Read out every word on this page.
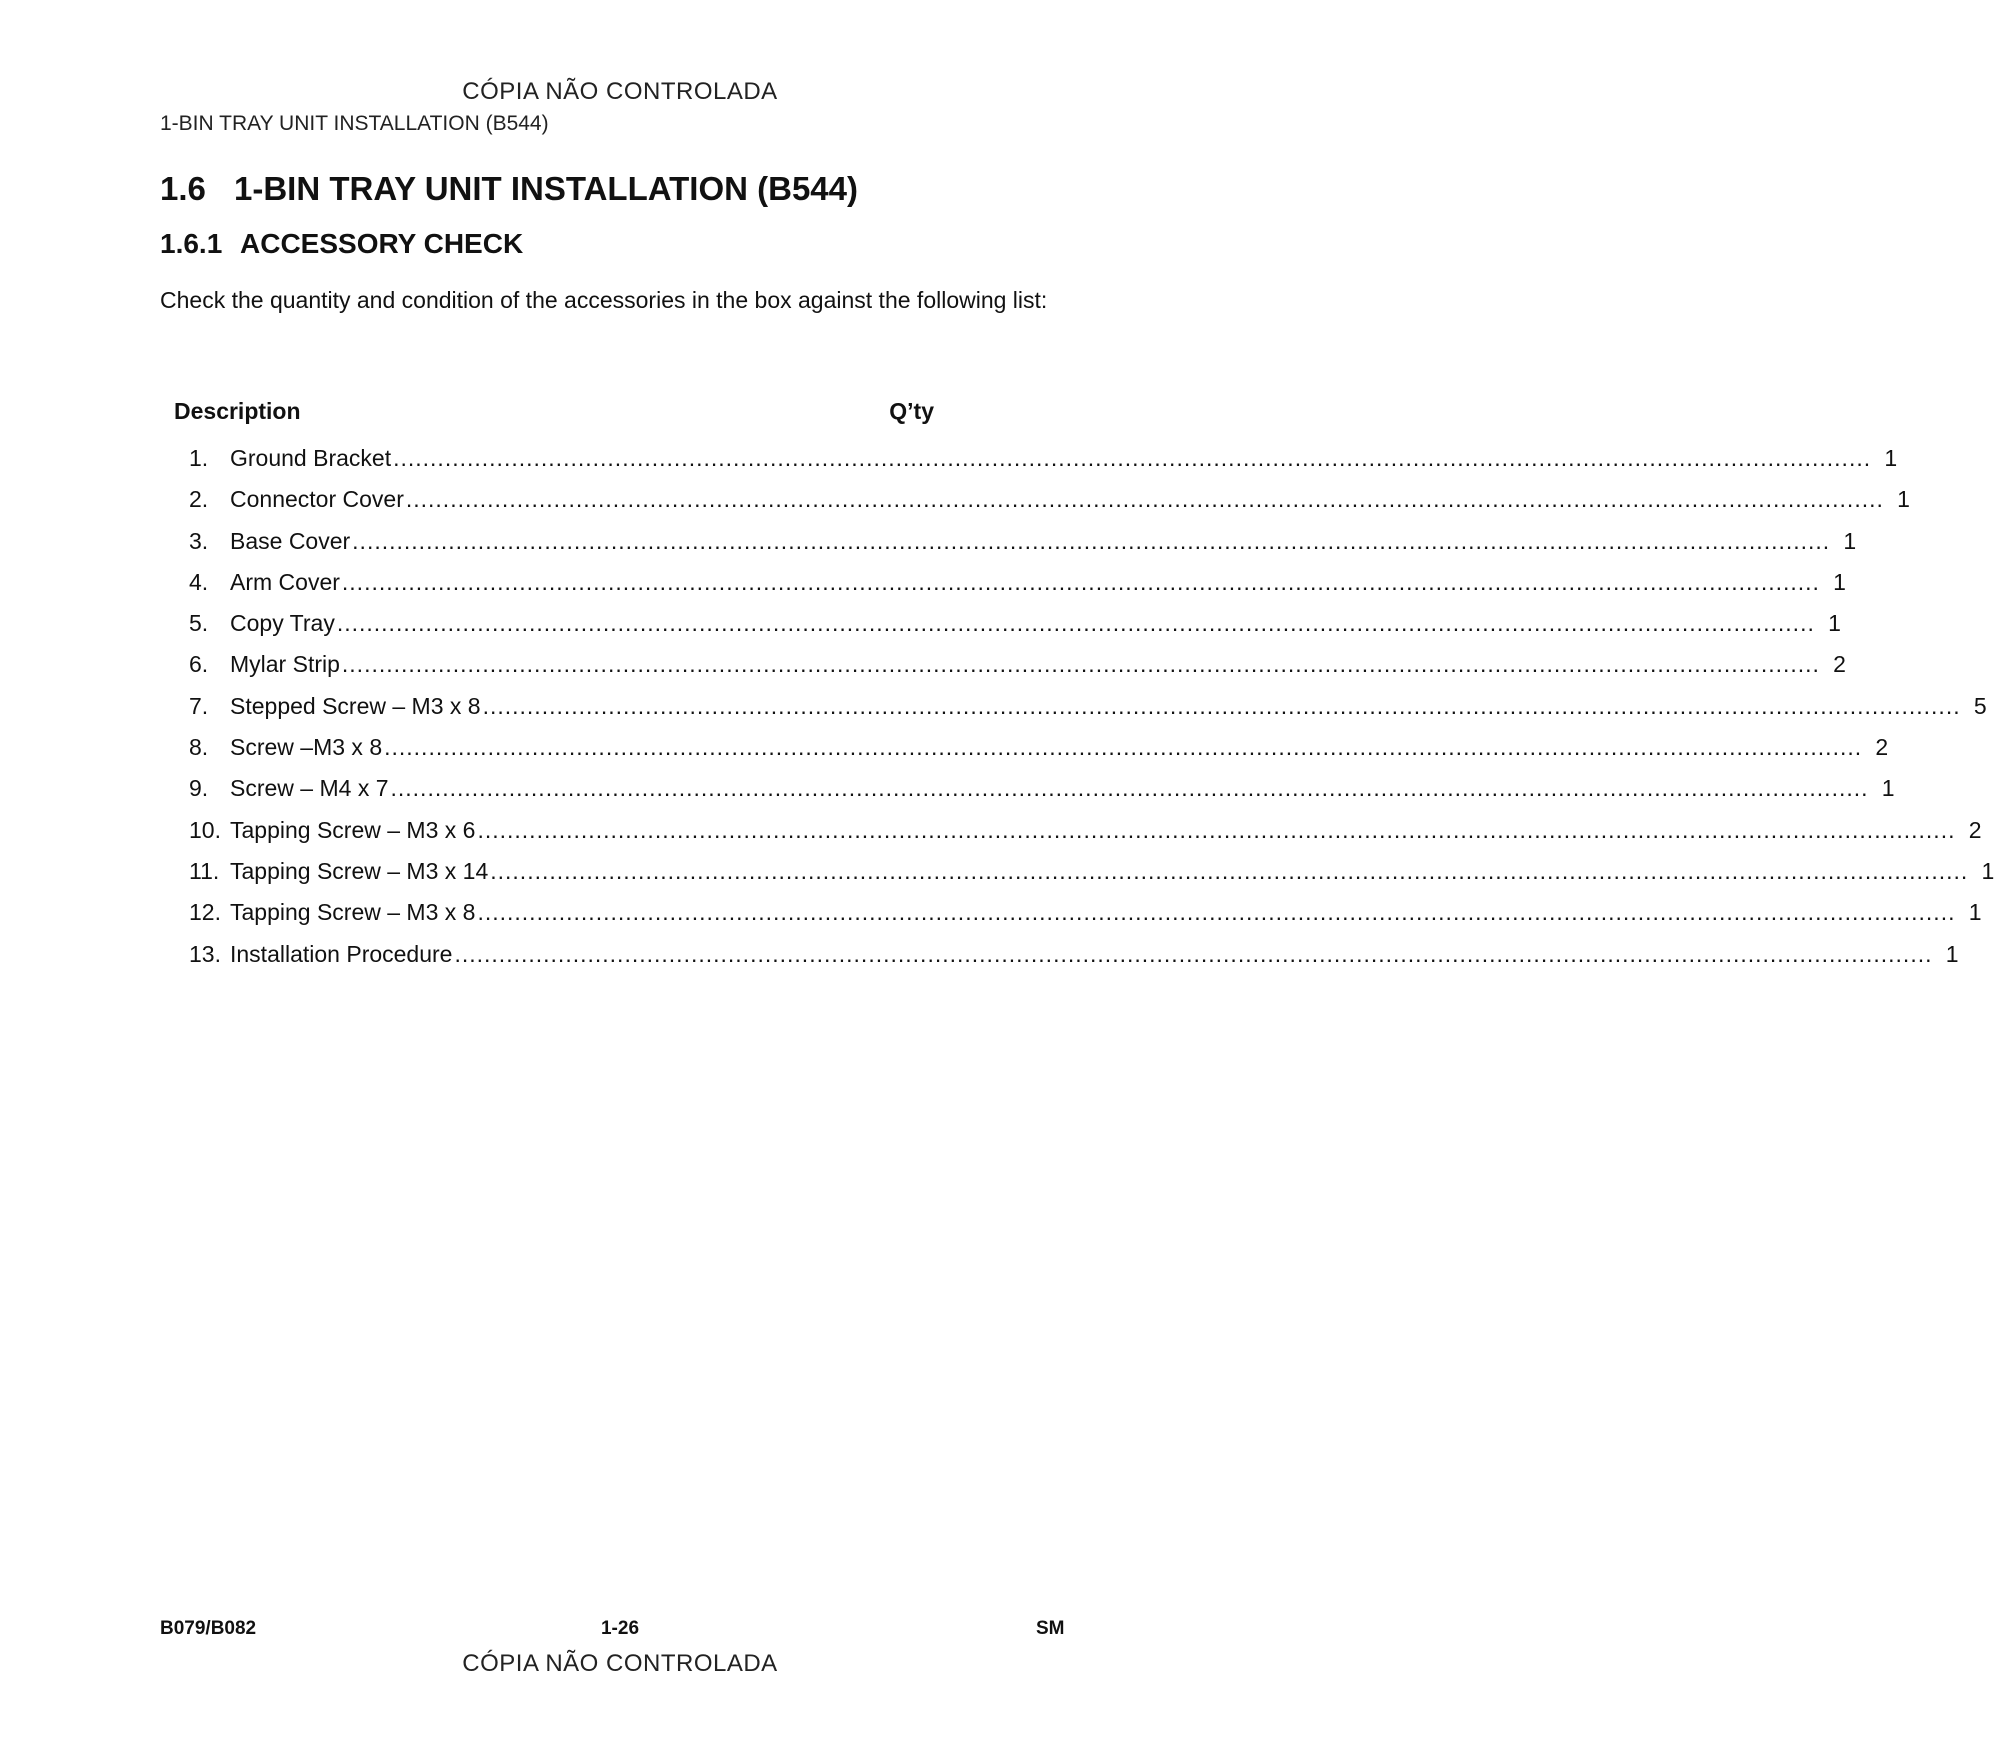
CÓPIA NÃO CONTROLADA
1-BIN TRAY UNIT INSTALLATION (B544)
1.6 1-BIN TRAY UNIT INSTALLATION (B544)
1.6.1 ACCESSORY CHECK
Check the quantity and condition of the accessories in the box against the following list:
Description	Q’ty
1. Ground Bracket ........................................................................................................................................................................................................ 1
2. Connector Cover ........................................................................................................................................................................................................ 1
3. Base Cover ........................................................................................................................................................................................................ 1
4. Arm Cover ........................................................................................................................................................................................................ 1
5. Copy Tray ........................................................................................................................................................................................................ 1
6. Mylar Strip ........................................................................................................................................................................................................ 2
7. Stepped Screw – M3 x 8 ........................................................................................................................................................................................................ 5
8. Screw –M3 x 8 ........................................................................................................................................................................................................ 2
9. Screw – M4 x 7 ........................................................................................................................................................................................................ 1
10. Tapping Screw – M3 x 6 ........................................................................................................................................................................................................ 2
11. Tapping Screw – M3 x 14 ........................................................................................................................................................................................................ 1
12. Tapping Screw – M3 x 8 ........................................................................................................................................................................................................ 1
13. Installation Procedure ........................................................................................................................................................................................................ 1
B079/B082	1-26	SM
CÓPIA NÃO CONTROLADA
